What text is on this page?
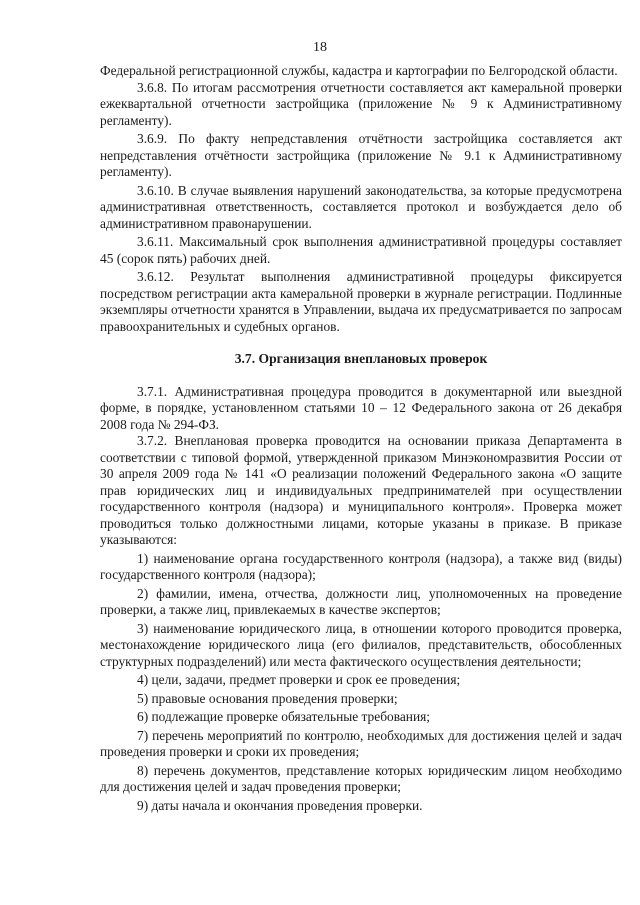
18

Федеральной регистрационной службы, кадастра и картографии по Белгородской области.

3.6.8. По итогам рассмотрения отчетности составляется акт камеральной проверки ежеквартальной отчетности застройщика (приложение № 9 к Административному регламенту).

3.6.9. По факту непредставления отчётности застройщика составляется акт непредставления отчётности застройщика (приложение № 9.1 к Административному регламенту).

3.6.10. В случае выявления нарушений законодательства, за которые предусмотрена административная ответственность, составляется протокол и возбуждается дело об административном правонарушении.

3.6.11. Максимальный срок выполнения административной процедуры составляет 45 (сорок пять) рабочих дней.

3.6.12. Результат выполнения административной процедуры фиксируется посредством регистрации акта камеральной проверки в журнале регистрации. Подлинные экземпляры отчетности хранятся в Управлении, выдача их предусматривается по запросам правоохранительных и судебных органов.

3.7. Организация внеплановых проверок

3.7.1. Административная процедура проводится в документарной или выездной форме, в порядке, установленном статьями 10 – 12 Федерального закона от 26 декабря 2008 года № 294-ФЗ.

3.7.2. Внеплановая проверка проводится на основании приказа Департамента в соответствии с типовой формой, утвержденной приказом Минэкономразвития России от 30 апреля 2009 года № 141 «О реализации положений Федерального закона «О защите прав юридических лиц и индивидуальных предпринимателей при осуществлении государственного контроля (надзора) и муниципального контроля». Проверка может проводиться только должностными лицами, которые указаны в приказе. В приказе указываются:

1) наименование органа государственного контроля (надзора), а также вид (виды) государственного контроля (надзора);

2) фамилии, имена, отчества, должности лиц, уполномоченных на проведение проверки, а также лиц, привлекаемых в качестве экспертов;

3) наименование юридического лица, в отношении которого проводится проверка, местонахождение юридического лица (его филиалов, представительств, обособленных структурных подразделений) или места фактического осуществления деятельности;

4) цели, задачи, предмет проверки и срок ее проведения;

5) правовые основания проведения проверки;

6) подлежащие проверке обязательные требования;

7) перечень мероприятий по контролю, необходимых для достижения целей и задач проведения проверки и сроки их проведения;

8) перечень документов, представление которых юридическим лицом необходимо для достижения целей и задач проведения проверки;

9) даты начала и окончания проведения проверки.
